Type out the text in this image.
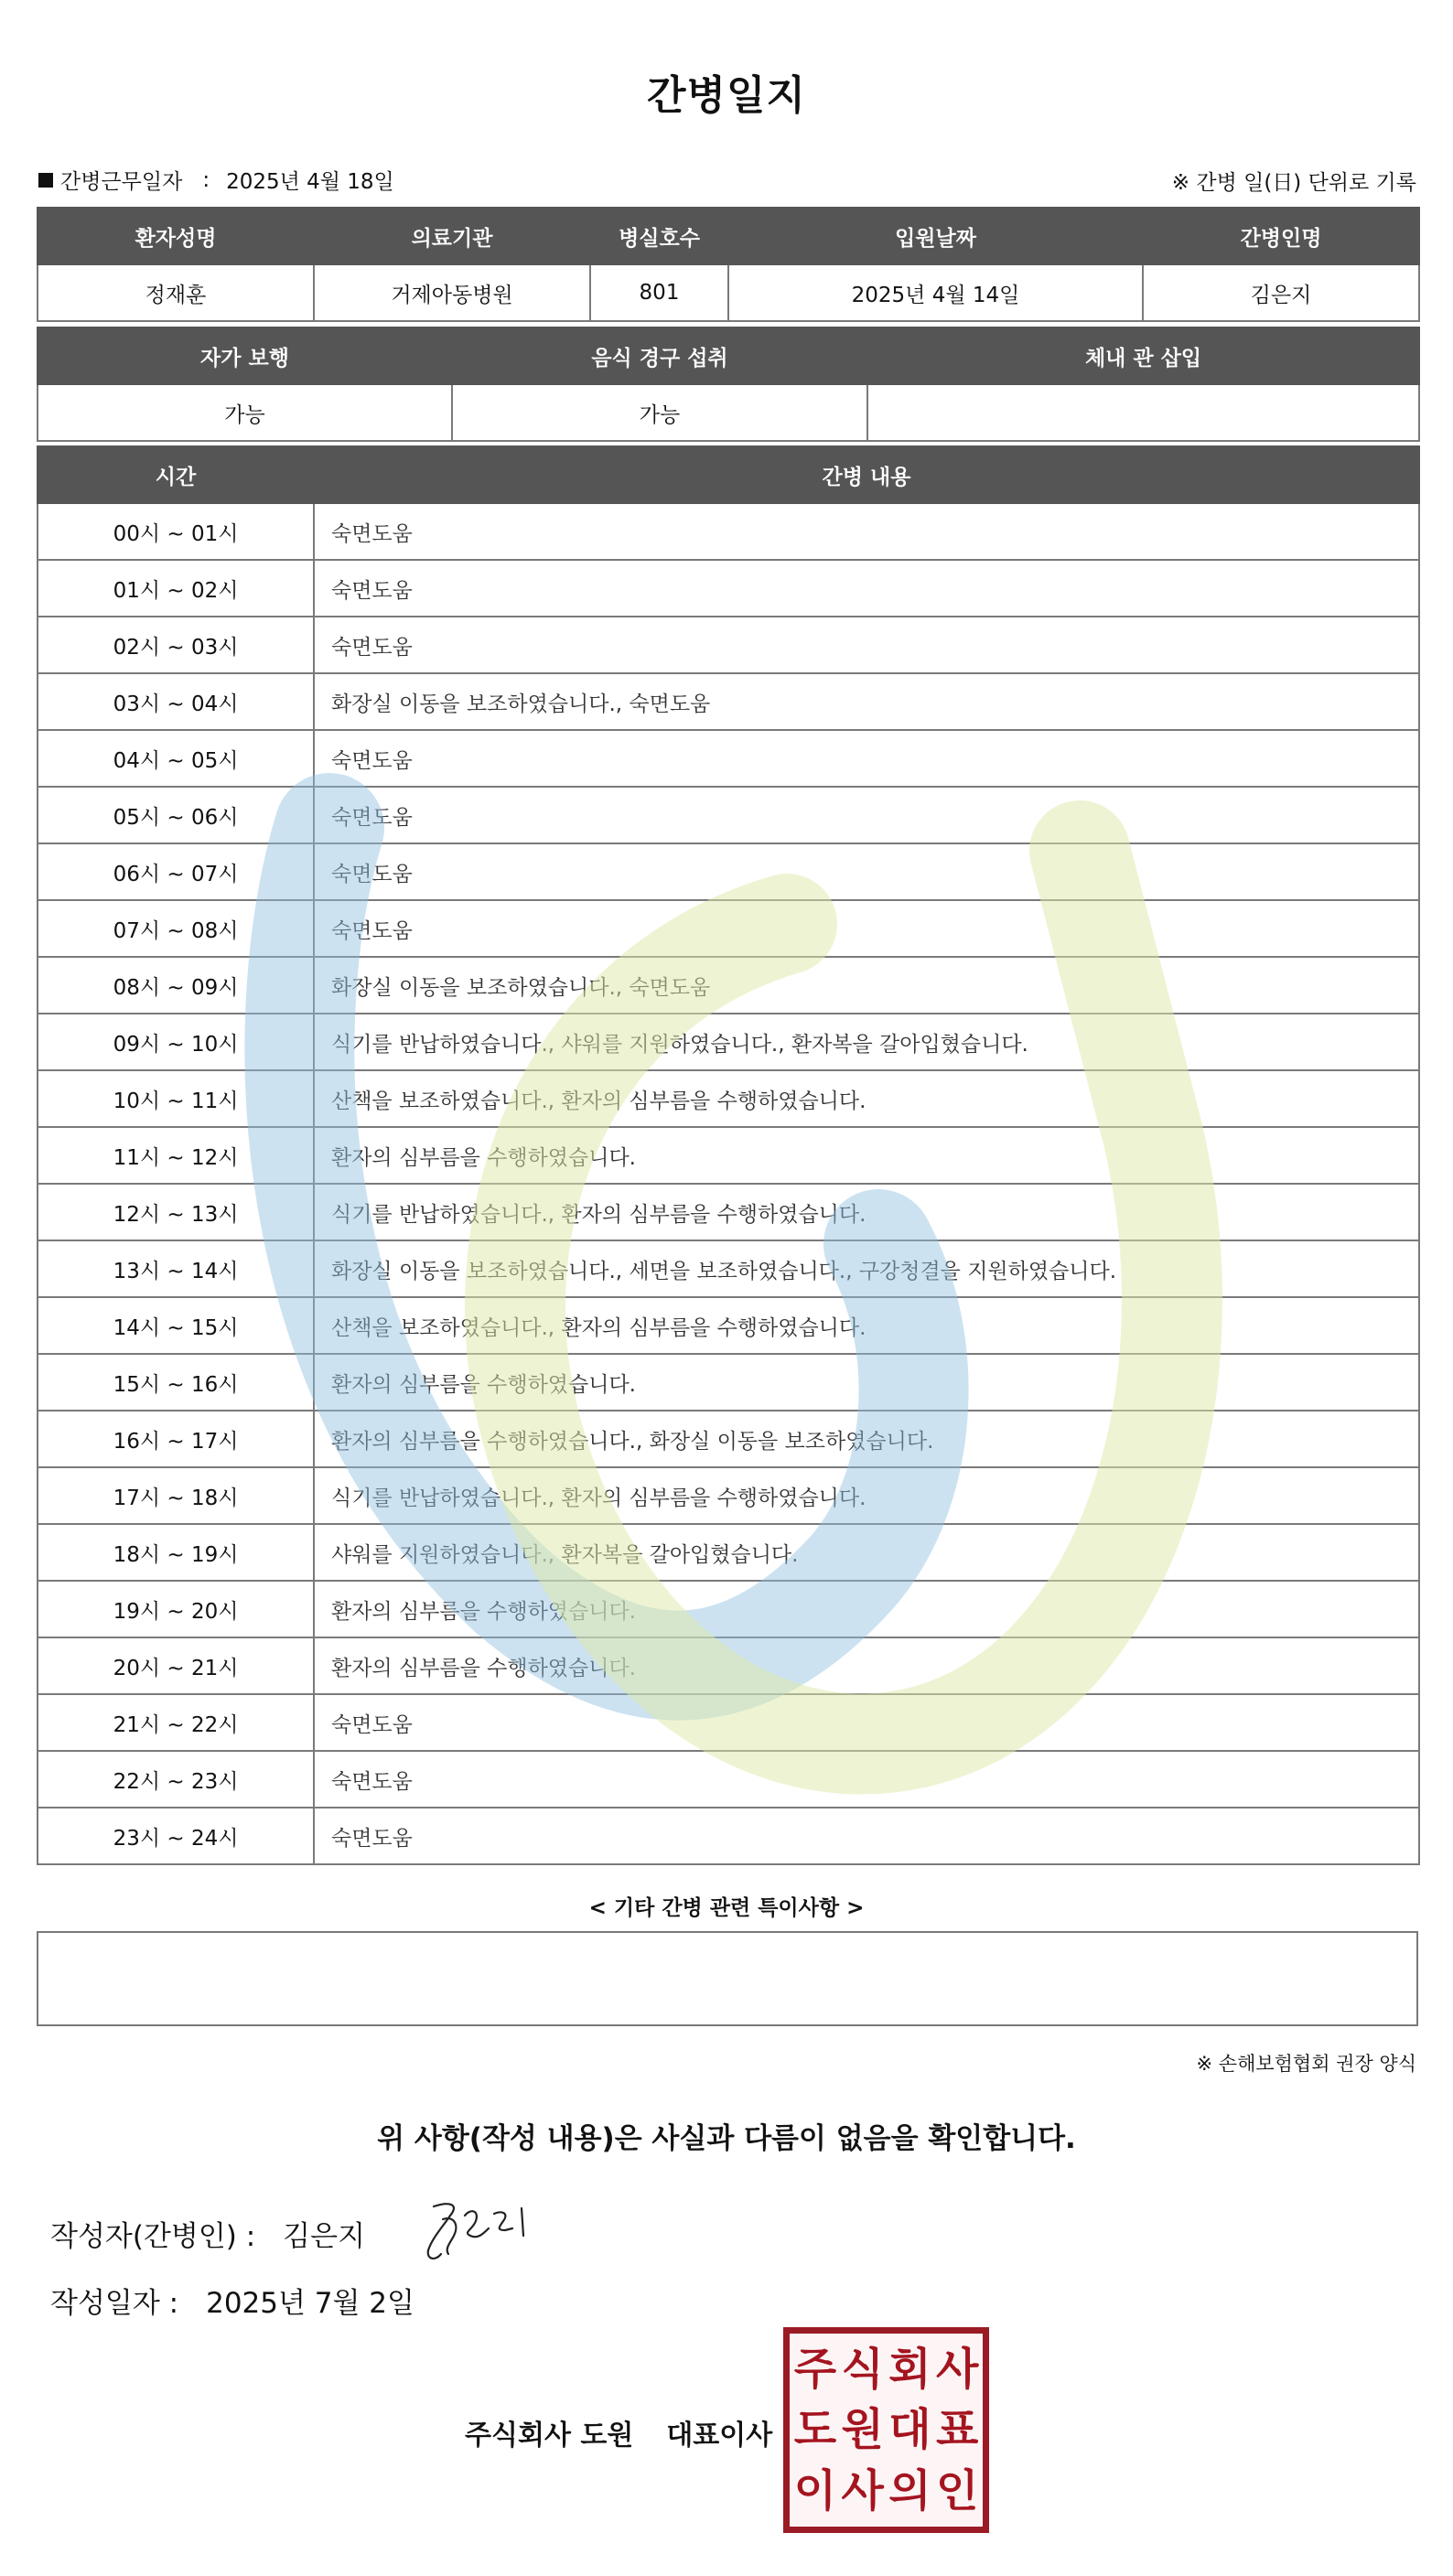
간병일지
간병근무일자 : 2025년 4월 18일	※ 간병 일(日) 단위로 기록
환자성명	의료기관	병실호수	입원날짜	간병인명
정재훈	거제아동병원	801	2025년 4월 14일	김은지
자가 보행	음식 경구 섭취	체내 관 삽입
가능	가능	
시간	간병 내용
00시 ~ 01시	숙면도움
01시 ~ 02시	숙면도움
02시 ~ 03시	숙면도움
03시 ~ 04시	화장실 이동을 보조하였습니다., 숙면도움
04시 ~ 05시	숙면도움
05시 ~ 06시	숙면도움
06시 ~ 07시	숙면도움
07시 ~ 08시	숙면도움
08시 ~ 09시	화장실 이동을 보조하였습니다., 숙면도움
09시 ~ 10시	식기를 반납하였습니다., 샤워를 지원하였습니다., 환자복을 갈아입혔습니다.
10시 ~ 11시	산책을 보조하였습니다., 환자의 심부름을 수행하였습니다.
11시 ~ 12시	환자의 심부름을 수행하였습니다.
12시 ~ 13시	식기를 반납하였습니다., 환자의 심부름을 수행하였습니다.
13시 ~ 14시	화장실 이동을 보조하였습니다., 세면을 보조하였습니다., 구강청결을 지원하였습니다.
14시 ~ 15시	산책을 보조하였습니다., 환자의 심부름을 수행하였습니다.
15시 ~ 16시	환자의 심부름을 수행하였습니다.
16시 ~ 17시	환자의 심부름을 수행하였습니다., 화장실 이동을 보조하였습니다.
17시 ~ 18시	식기를 반납하였습니다., 환자의 심부름을 수행하였습니다.
18시 ~ 19시	샤워를 지원하였습니다., 환자복을 갈아입혔습니다.
19시 ~ 20시	환자의 심부름을 수행하였습니다.
20시 ~ 21시	환자의 심부름을 수행하였습니다.
21시 ~ 22시	숙면도움
22시 ~ 23시	숙면도움
23시 ~ 24시	숙면도움
< 기타 간병 관련 특이사항 >
※ 손해보험협회 권장 양식
위 사항(작성 내용)은 사실과 다름이 없음을 확인합니다.
작성자(간병인) : 김은지
작성일자 : 2025년 7월 2일
주식회사 도원 대표이사
주 식 회 사
도 원 대 표
이 사 의 인
